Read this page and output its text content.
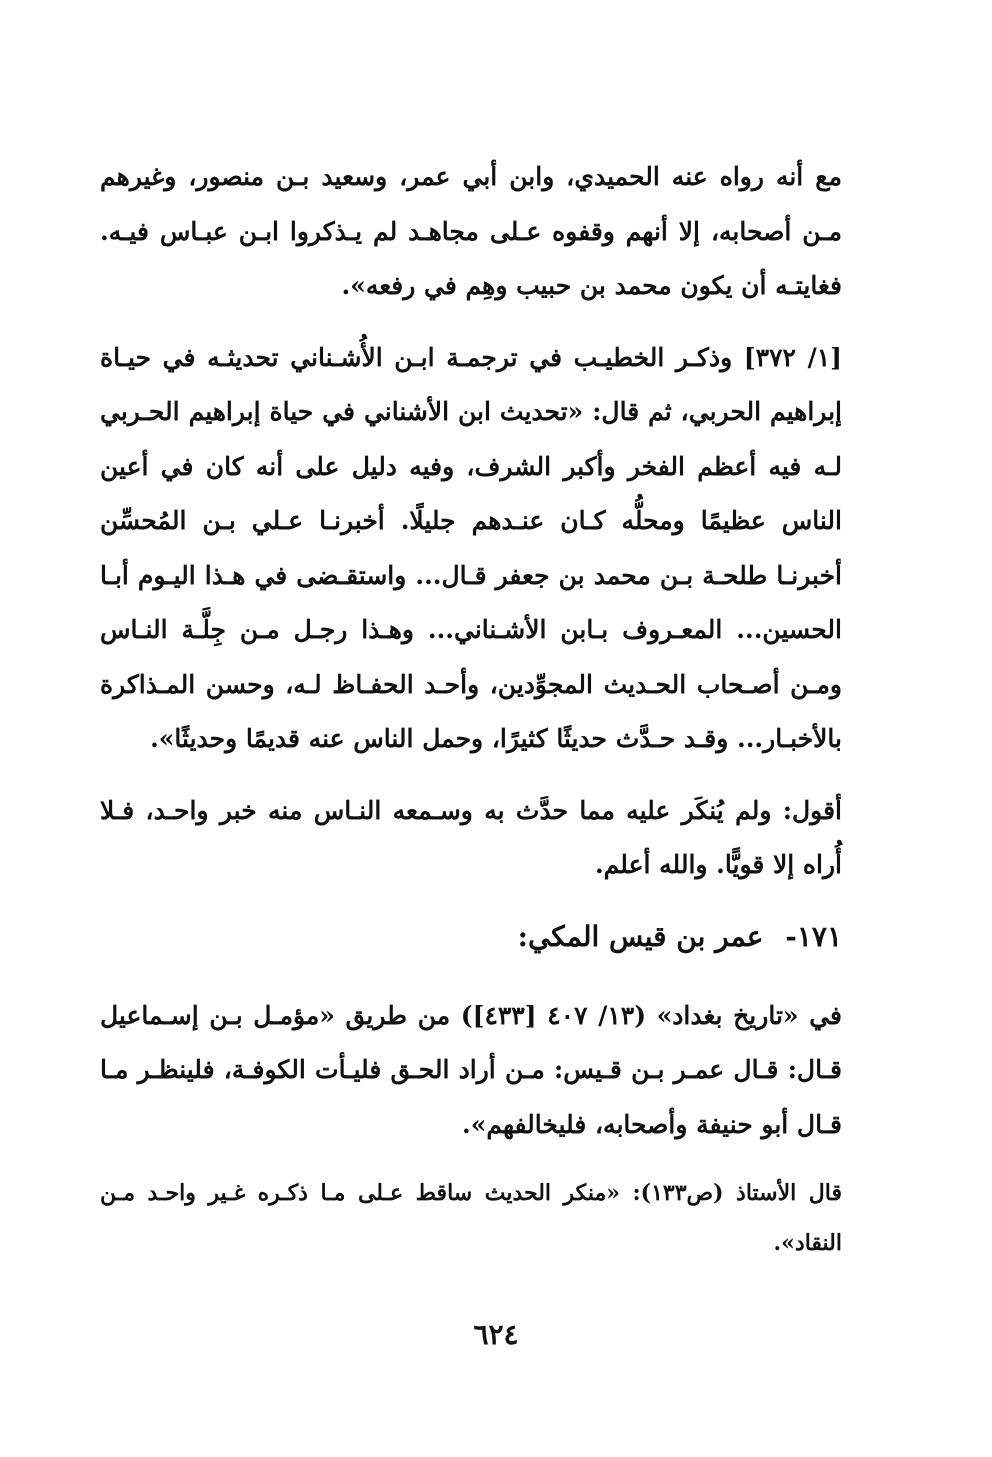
مع أنه رواه عنه الحميدي، وابن أبي عمر، وسعيد بـن منصور، وغيرهم مـن أصحابه، إلا أنهم وقفوه عـلى مجاهـد لم يـذكروا ابـن عبـاس فيـه. فغايتـه أن يكون محمد بن حبيب وهِم في رفعه».

[١/ ٣٧٢] وذكـر الخطيـب في ترجمـة ابـن الأُشـناني تحديثـه في حيـاة إبراهيم الحربي، ثم قال: «تحديث ابن الأشناني في حياة إبراهيم الحـربي لـه فيه أعظم الفخر وأكبر الشرف، وفيه دليل على أنه كان في أعين الناس عظيمًا ومحلُّه كـان عنـدهم جليلًا. أخبرنـا عـلي بـن المُحسِّن أخبرنـا طلحـة بـن محمد بن جعفر قـال... واستقـضى في هـذا اليـوم أبـا الحسين... المعـروف بـابن الأشـناني... وهـذا رجـل مـن جِلَّـة النـاس ومـن أصـحاب الحـديث المجوِّدين، وأحـد الحفـاظ لـه، وحسن المـذاكرة بالأخبـار... وقـد حـدَّث حديثًا كثيرًا، وحمل الناس عنه قديمًا وحديثًا».

أقول: ولم يُنكَر عليه مما حدَّث به وسـمعه النـاس منه خبر واحـد، فـلا أُراه إلا قويًّا. والله أعلم.

١٧١- عمر بن قيس المكي:

في «تاريخ بغداد» (١٣/ ٤٠٧ [٤٣٣]) من طريق «مؤمـل بـن إسـماعيل قـال: قـال عمـر بـن قـيس: مـن أراد الحـق فليـأت الكوفـة، فلينظـر مـا قـال أبو حنيفة وأصحابه، فليخالفهم».

قال الأستاذ (ص١٣٣): «منكر الحديث ساقط عـلى مـا ذكـره غـير واحـد مـن النقاد».

٦٢٤
